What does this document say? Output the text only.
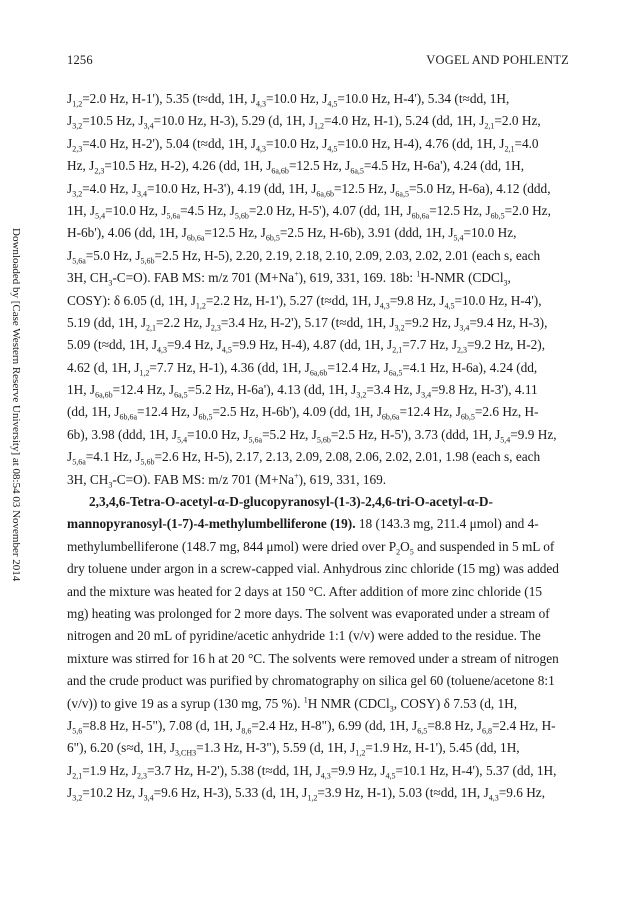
1256	VOGEL AND POHLENTZ
Downloaded by [Case Western Reserve University] at 08:54 03 November 2014
$J_{1,2}=2.0$ Hz, H-1'), 5.35 (t≈dd, 1H, $J_{4,3}=10.0$ Hz, $J_{4,5}=10.0$ Hz, H-4'), 5.34 (t≈dd, 1H,
$J_{3,2}=10.5$ Hz, $J_{3,4}=10.0$ Hz, H-3), 5.29 (d, 1H, $J_{1,2}=4.0$ Hz, H-1), 5.24 (dd, 1H, $J_{2,1}=2.0$ Hz,
$J_{2,3}=4.0$ Hz, H-2'), 5.04 (t≈dd, 1H, $J_{4,3}=10.0$ Hz, $J_{4,5}=10.0$ Hz, H-4), 4.76 (dd, 1H, $J_{2,1}=4.0$
Hz, $J_{2,3}=10.5$ Hz, H-2), 4.26 (dd, 1H, $J_{6a,6b}=12.5$ Hz, $J_{6a,5}=4.5$ Hz, H-6a'), 4.24 (dd, 1H,
$J_{3,2}=4.0$ Hz, $J_{3,4}=10.0$ Hz, H-3'), 4.19 (dd, 1H, $J_{6a,6b}=12.5$ Hz, $J_{6a,5}=5.0$ Hz, H-6a), 4.12 (ddd,
1H, $J_{5,4}=10.0$ Hz, $J_{5,6a}=4.5$ Hz, $J_{5,6b}=2.0$ Hz, H-5'), 4.07 (dd, 1H, $J_{6b,6a}=12.5$ Hz, $J_{6b,5}=2.0$ Hz,
H-6b'), 4.06 (dd, 1H, $J_{6b,6a}=12.5$ Hz, $J_{6b,5}=2.5$ Hz, H-6b), 3.91 (ddd, 1H, $J_{5,4}=10.0$ Hz,
$J_{5,6a}=5.0$ Hz, $J_{5,6b}=2.5$ Hz, H-5), 2.20, 2.19, 2.18, 2.10, 2.09, 2.03, 2.02, 2.01 (each s, each
3H, $CH_3-C=O$). FAB MS: m/z 701 (M+Na+), 619, 331, 169. 18b: $^1$H-NMR (CDCl$_3$,
COSY): δ 6.05 (d, 1H, $J_{1,2}=2.2$ Hz, H-1'), 5.27 (t≈dd, 1H, $J_{4,3}=9.8$ Hz, $J_{4,5}=10.0$ Hz, H-4'),
5.19 (dd, 1H, $J_{2,1}=2.2$ Hz, $J_{2,3}=3.4$ Hz, H-2'), 5.17 (t≈dd, 1H, $J_{3,2}=9.2$ Hz, $J_{3,4}=9.4$ Hz, H-3),
5.09 (t≈dd, 1H, $J_{4,3}=9.4$ Hz, $J_{4,5}=9.9$ Hz, H-4), 4.87 (dd, 1H, $J_{2,1}=7.7$ Hz, $J_{2,3}=9.2$ Hz, H-2),
4.62 (d, 1H, $J_{1,2}=7.7$ Hz, H-1), 4.36 (dd, 1H, $J_{6a,6b}=12.4$ Hz, $J_{6a,5}=4.1$ Hz, H-6a), 4.24 (dd,
1H, $J_{6a,6b}=12.4$ Hz, $J_{6a,5}=5.2$ Hz, H-6a'), 4.13 (dd, 1H, $J_{3,2}=3.4$ Hz, $J_{3,4}=9.8$ Hz, H-3'), 4.11
(dd, 1H, $J_{6b,6a}=12.4$ Hz, $J_{6b,5}=2.5$ Hz, H-6b'), 4.09 (dd, 1H, $J_{6b,6a}=12.4$ Hz, $J_{6b,5}=2.6$ Hz, H-
6b), 3.98 (ddd, 1H, $J_{5,4}=10.0$ Hz, $J_{5,6a}=5.2$ Hz, $J_{5,6b}=2.5$ Hz, H-5'), 3.73 (ddd, 1H, $J_{5,4}=9.9$ Hz,
$J_{5,6a}=4.1$ Hz, $J_{5,6b}=2.6$ Hz, H-5), 2.17, 2.13, 2.09, 2.08, 2.06, 2.02, 2.01, 1.98 (each s, each
3H, $CH_3-C=O$). FAB MS: m/z 701 (M+Na+), 619, 331, 169.
2,3,4,6-Tetra-O-acetyl-α-D-glucopyranosyl-(1-3)-2,4,6-tri-O-acetyl-α-D-
mannopyranosyl-(1-7)-4-methylumbelliferone (19). 18 (143.3 mg, 211.4 μmol) and 4-
methylumbelliferone (148.7 mg, 844 μmol) were dried over $P_2O_5$ and suspended in 5 mL of
dry toluene under argon in a screw-capped vial. Anhydrous zinc chloride (15 mg) was added
and the mixture was heated for 2 days at 150 °C. After addition of more zinc chloride (15
mg) heating was prolonged for 2 more days. The solvent was evaporated under a stream of
nitrogen and 20 mL of pyridine/acetic anhydride 1:1 (v/v) were added to the residue. The
mixture was stirred for 16 h at 20 °C. The solvents were removed under a stream of nitrogen
and the crude product was purified by chromatography on silica gel 60 (toluene/acetone 8:1
(v/v)) to give 19 as a syrup (130 mg, 75 %). $^1$H NMR (CDCl$_3$, COSY) δ 7.53 (d, 1H,
$J_{5,6}=8.8$ Hz, H-5"), 7.08 (d, 1H, $J_{8,6}=2.4$ Hz, H-8"), 6.99 (dd, 1H, $J_{6,5}=8.8$ Hz, $J_{6,8}=2.4$ Hz, H-
6"), 6.20 (s≈d, 1H, $J_{3,CH3}=1.3$ Hz, H-3"), 5.59 (d, 1H, $J_{1,2}=1.9$ Hz, H-1'), 5.45 (dd, 1H,
$J_{2,1}=1.9$ Hz, $J_{2,3}=3.7$ Hz, H-2'), 5.38 (t≈dd, 1H, $J_{4,3}=9.9$ Hz, $J_{4,5}=10.1$ Hz, H-4'), 5.37 (dd, 1H,
$J_{3,2}=10.2$ Hz, $J_{3,4}=9.6$ Hz, H-3), 5.33 (d, 1H, $J_{1,2}=3.9$ Hz, H-1), 5.03 (t≈dd, 1H, $J_{4,3}=9.6$ Hz,
